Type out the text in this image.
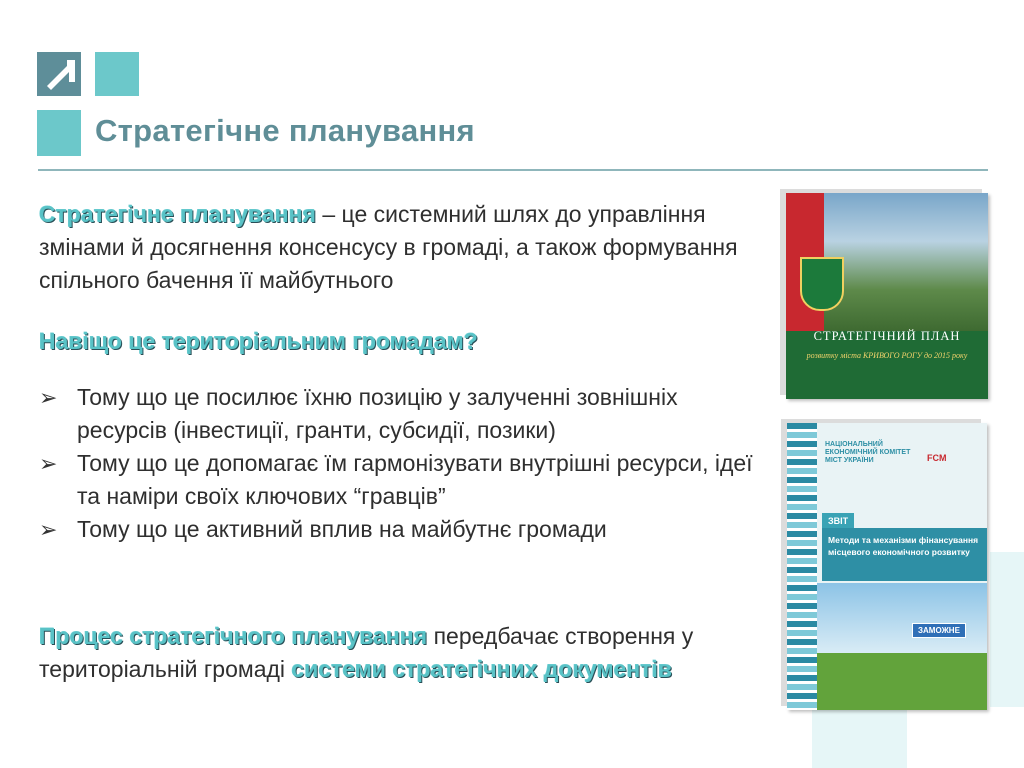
Стратегічне планування

Стратегічне планування – це системний шлях до управління змінами й досягнення консенсусу в громаді, а також формування спільного бачення її майбутнього

Навіщо це територіальним громадам?
➢ Тому що це посилює їхню позицію у залученні зовнішніх ресурсів (інвестиції, гранти, субсидії, позики)
➢ Тому що це допомагає їм гармонізувати внутрішні ресурси, ідеї та наміри своїх ключових “гравців”
➢ Тому що це активний вплив на майбутнє громади
Процес стратегічного планування передбачає створення у територіальній громаді системи стратегічних документів
СТРАТЕГІЧНИЙ ПЛАН
розвитку міста КРИВОГО РОГУ до 2015 року
НАЦІОНАЛЬНИЙ ЕКОНОМІЧНИЙ КОМІТЕТ МІСТ УКРАЇНИ	FCM
ЗВІТ
Методи та механізми фінансування місцевого економічного розвитку
ЗАМОЖНЕ
